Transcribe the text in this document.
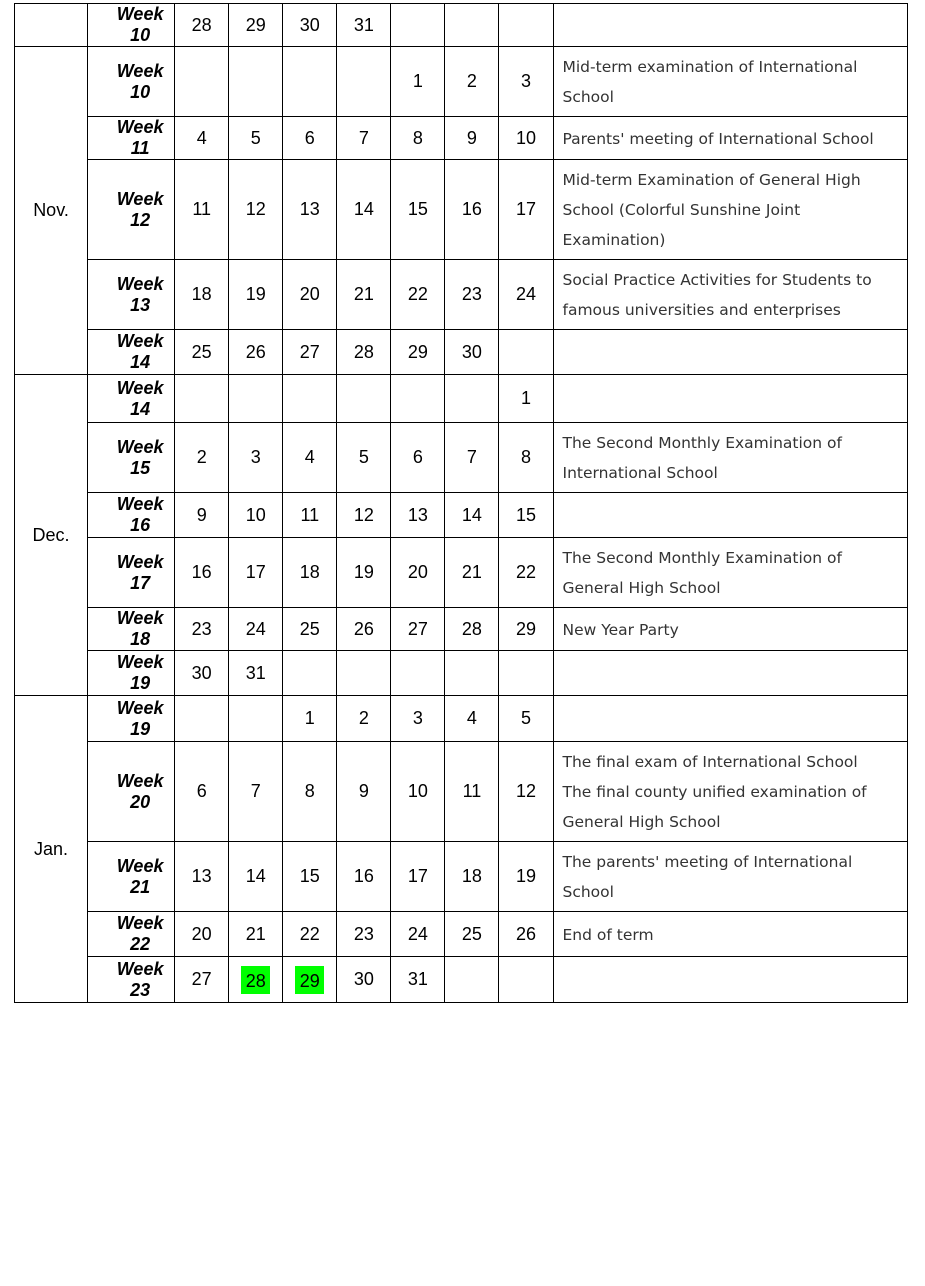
	Week 10	28	29	30	31				
Nov.	Week 10					1	2	3	Mid-term examination of International School
	Week 11	4	5	6	7	8	9	10	Parents' meeting of International School
	Week 12	11	12	13	14	15	16	17	Mid-term Examination of General High School (Colorful Sunshine Joint Examination)
	Week 13	18	19	20	21	22	23	24	Social Practice Activities for Students to famous universities and enterprises
	Week 14	25	26	27	28	29	30		
Dec.	Week 14							1	
	Week 15	2	3	4	5	6	7	8	The Second Monthly Examination of International School
	Week 16	9	10	11	12	13	14	15	
	Week 17	16	17	18	19	20	21	22	The Second Monthly Examination of General High School
	Week 18	23	24	25	26	27	28	29	New Year Party
	Week 19	30	31						
Jan.	Week 19			1	2	3	4	5	
	Week 20	6	7	8	9	10	11	12	The final exam of International School
The final county unified examination of General High School
	Week 21	13	14	15	16	17	18	19	The parents' meeting of International School
	Week 22	20	21	22	23	24	25	26	End of term
	Week 23	27	28	29	30	31			
